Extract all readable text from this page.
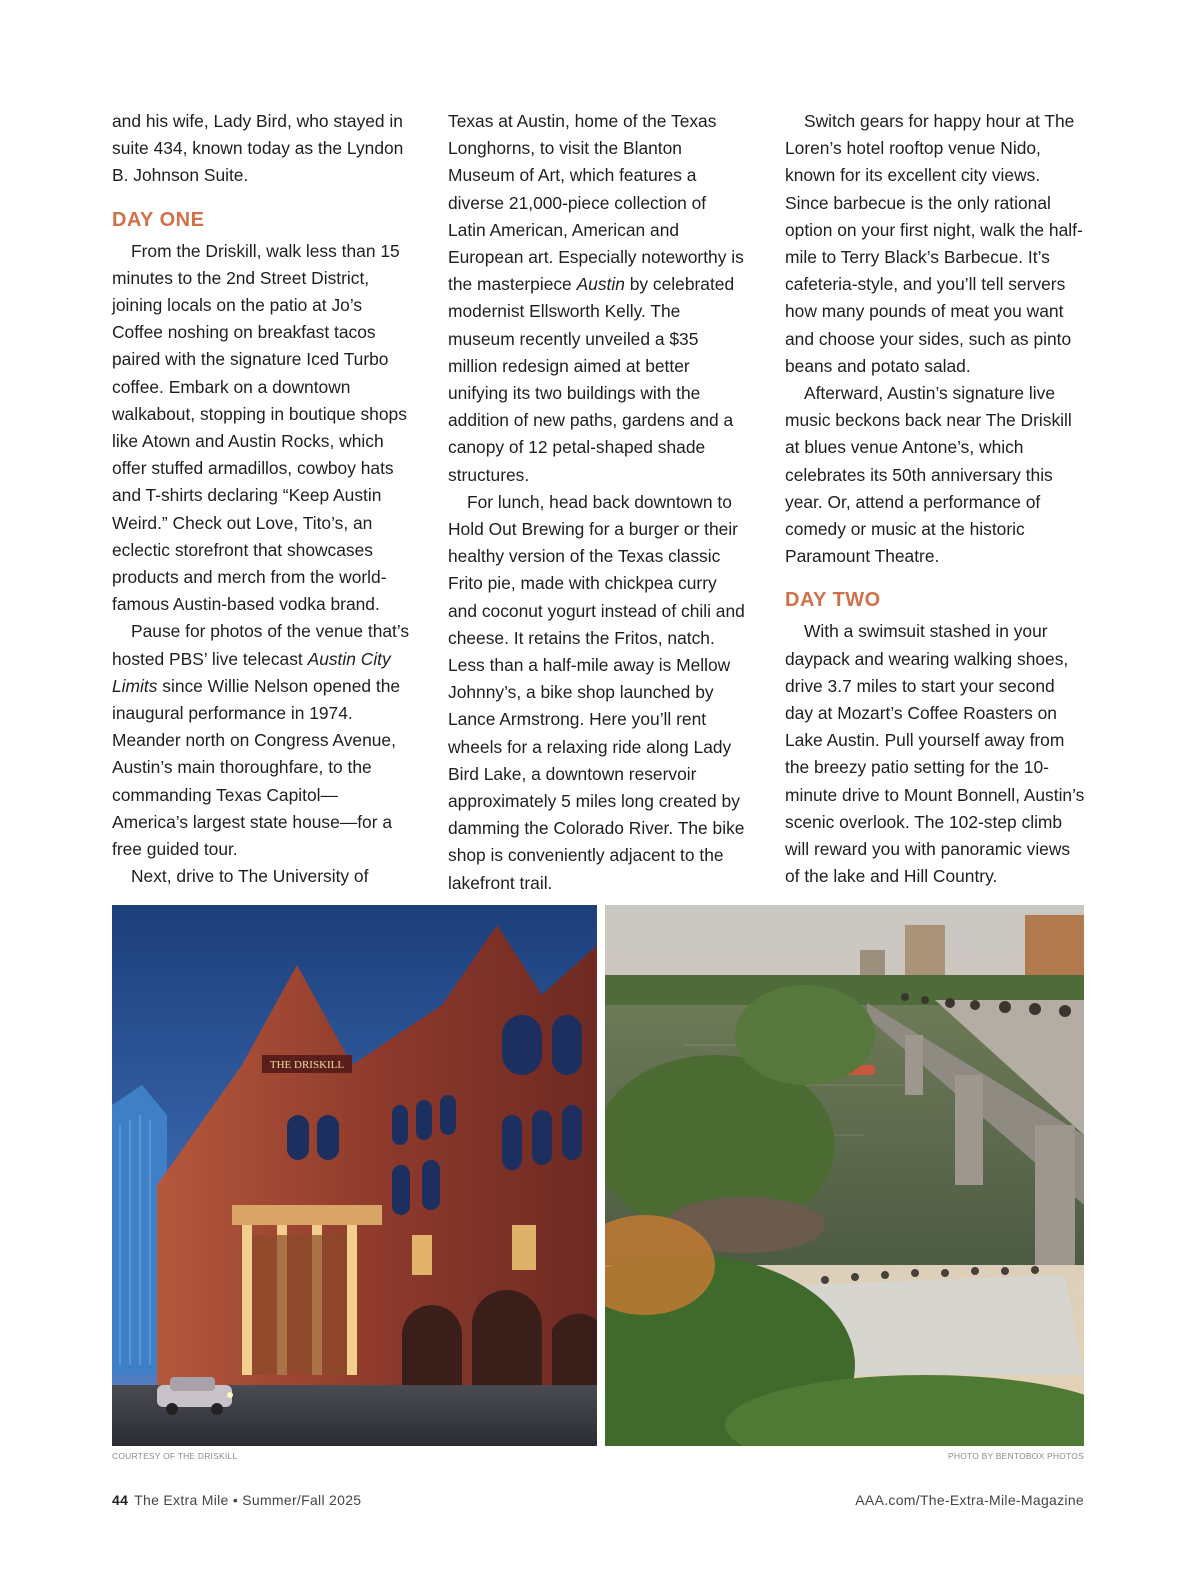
and his wife, Lady Bird, who stayed in suite 434, known today as the Lyndon B. Johnson Suite.

DAY ONE

From the Driskill, walk less than 15 minutes to the 2nd Street District, joining locals on the patio at Jo’s Coffee noshing on breakfast tacos paired with the signature Iced Turbo coffee. Embark on a downtown walkabout, stopping in boutique shops like Atown and Austin Rocks, which offer stuffed armadillos, cowboy hats and T-shirts declaring “Keep Austin Weird.” Check out Love, Tito’s, an eclectic storefront that showcases products and merch from the world-famous Austin-based vodka brand.

Pause for photos of the venue that’s hosted PBS’ live telecast Austin City Limits since Willie Nelson opened the inaugural performance in 1974. Meander north on Congress Avenue, Austin’s main thoroughfare, to the commanding Texas Capitol—America’s largest state house—for a free guided tour.

Next, drive to The University of

Texas at Austin, home of the Texas Longhorns, to visit the Blanton Museum of Art, which features a diverse 21,000-piece collection of Latin American, American and European art. Especially noteworthy is the masterpiece Austin by celebrated modernist Ellsworth Kelly. The museum recently unveiled a $35 million redesign aimed at better unifying its two buildings with the addition of new paths, gardens and a canopy of 12 petal-shaped shade structures.

For lunch, head back downtown to Hold Out Brewing for a burger or their healthy version of the Texas classic Frito pie, made with chickpea curry and coconut yogurt instead of chili and cheese. It retains the Fritos, natch. Less than a half-mile away is Mellow Johnny’s, a bike shop launched by Lance Armstrong. Here you’ll rent wheels for a relaxing ride along Lady Bird Lake, a downtown reservoir approximately 5 miles long created by damming the Colorado River. The bike shop is conveniently adjacent to the lakefront trail.

Switch gears for happy hour at The Loren’s hotel rooftop venue Nido, known for its excellent city views. Since barbecue is the only rational option on your first night, walk the half-mile to Terry Black’s Barbecue. It’s cafeteria-style, and you’ll tell servers how many pounds of meat you want and choose your sides, such as pinto beans and potato salad.

Afterward, Austin’s signature live music beckons back near The Driskill at blues venue Antone’s, which celebrates its 50th anniversary this year. Or, attend a performance of comedy or music at the historic Paramount Theatre.

DAY TWO

With a swimsuit stashed in your daypack and wearing walking shoes, drive 3.7 miles to start your second day at Mozart’s Coffee Roasters on Lake Austin. Pull yourself away from the breezy patio setting for the 10-minute drive to Mount Bonnell, Austin’s scenic overlook. The 102-step climb will reward you with panoramic views of the lake and Hill Country.

THE DRISKILL
COURTESY OF THE DRISKILL	PHOTO BY BENTOBOX PHOTOS
44 The Extra Mile • Summer/Fall 2025	AAA.com/The-Extra-Mile-Magazine
